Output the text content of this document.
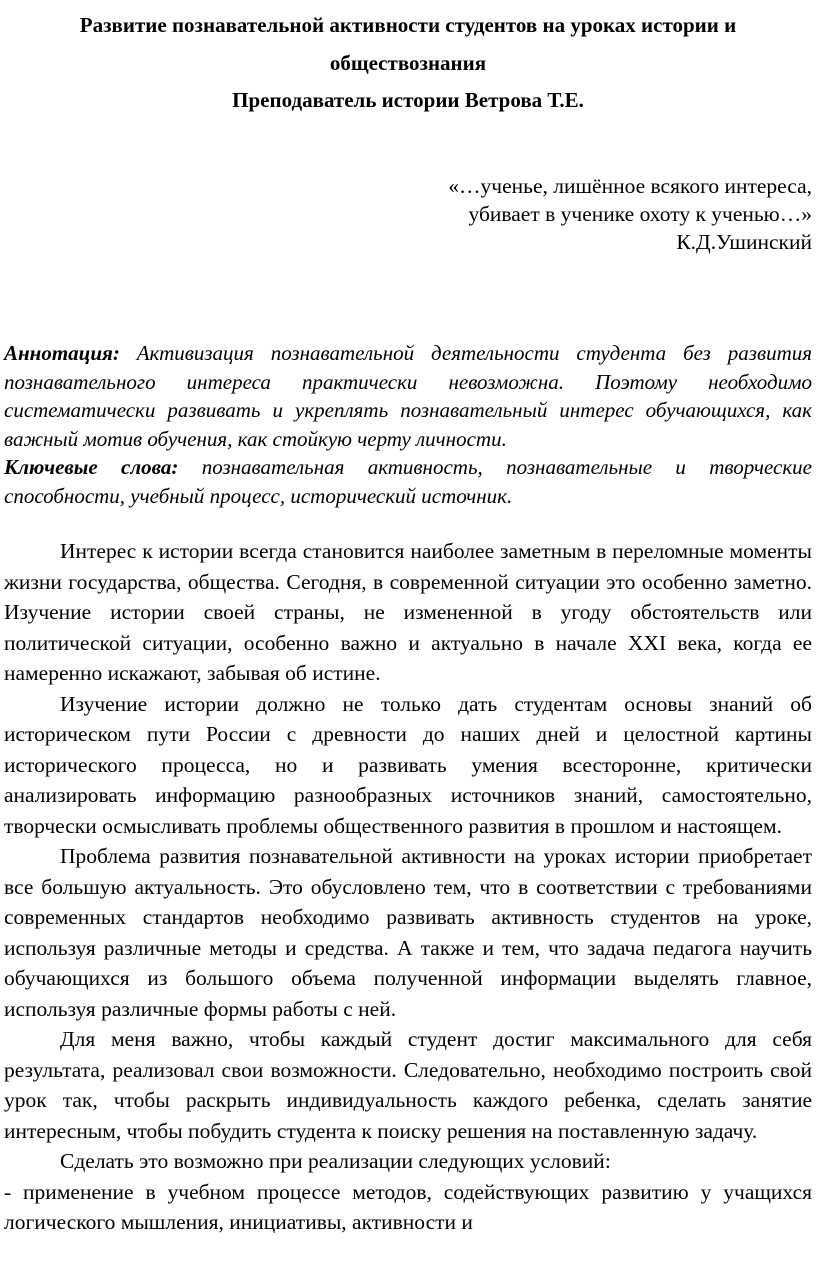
Развитие познавательной активности студентов на уроках истории и обществознания
Преподаватель истории Ветрова Т.Е.
«…ученье, лишённое всякого интереса,
убивает в ученике охоту к ученью…»
К.Д.Ушинский

Аннотация: Активизация познавательной деятельности студента без развития познавательного интереса практически невозможна. Поэтому необходимо систематически развивать и укреплять познавательный интерес обучающихся, как важный мотив обучения, как стойкую черту личности.
Ключевые слова: познавательная активность, познавательные и творческие способности, учебный процесс, исторический источник.

Интерес к истории всегда становится наиболее заметным в переломные моменты жизни государства, общества. Сегодня, в современной ситуации это особенно заметно. Изучение истории своей страны, не измененной в угоду обстоятельств или политической ситуации, особенно важно и актуально в начале XXI века, когда ее намеренно искажают, забывая об истине.

Изучение истории должно не только дать студентам основы знаний об историческом пути России с древности до наших дней и целостной картины исторического процесса, но и развивать умения всесторонне, критически анализировать информацию разнообразных источников знаний, самостоятельно, творчески осмысливать проблемы общественного развития в прошлом и настоящем.

Проблема развития познавательной активности на уроках истории приобретает все большую актуальность. Это обусловлено тем, что в соответствии с требованиями современных стандартов необходимо развивать активность студентов на уроке, используя различные методы и средства. А также и тем, что задача педагога научить обучающихся из большого объема полученной информации выделять главное, используя различные формы работы с ней.

Для меня важно, чтобы каждый студент достиг максимального для себя результата, реализовал свои возможности. Следовательно, необходимо построить свой урок так, чтобы раскрыть индивидуальность каждого ребенка, сделать занятие интересным, чтобы побудить студента к поиску решения на поставленную задачу.

Сделать это возможно при реализации следующих условий:

- применение в учебном процессе методов, содействующих развитию у учащихся логического мышления, инициативы, активности и
